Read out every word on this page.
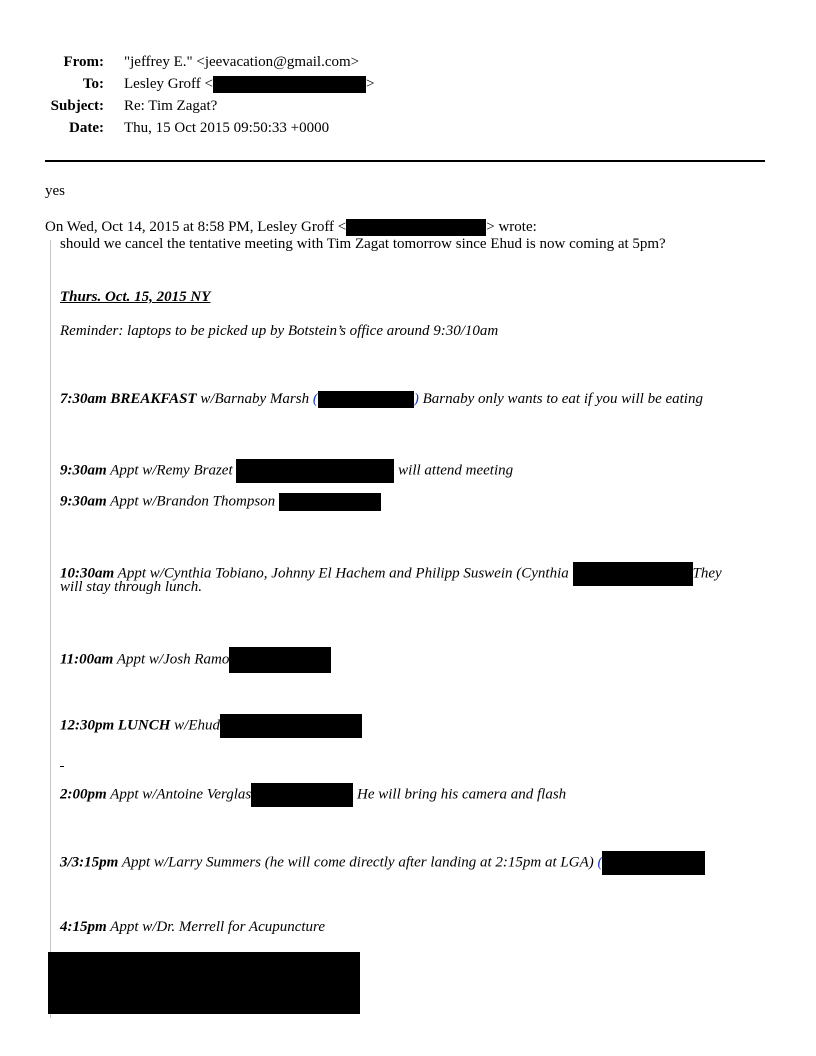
From: "jeffrey E." <jeevacation@gmail.com>
To: Lesley Groff <	>
Subject: Re: Tim Zagat?
Date: Thu, 15 Oct 2015 09:50:33 +0000
yes
On Wed, Oct 14, 2015 at 8:58 PM, Lesley Groff <	> wrote:
should we cancel the tentative meeting with Tim Zagat tomorrow since Ehud is now coming at 5pm?
Thurs. Oct. 15, 2015 NY
Reminder: laptops to be picked up by Botstein’s office around 9:30/10am
7:30am BREAKFAST w/Barnaby Marsh (	) Barnaby only wants to eat if you will be eating
9:30am Appt w/Remy Brazet	will attend meeting
9:30am Appt w/Brandon Thompson
10:30am Appt w/Cynthia Tobiano, Johnny El Hachem and Philipp Suswein (Cynthia	They
will stay through lunch.
11:00am Appt w/Josh Ramo
12:30pm LUNCH w/Ehud
2:00pm Appt w/Antoine Verglas	He will bring his camera and flash
3/3:15pm Appt w/Larry Summers (he will come directly after landing at 2:15pm at LGA) (
4:15pm Appt w/Dr. Merrell for Acupuncture
